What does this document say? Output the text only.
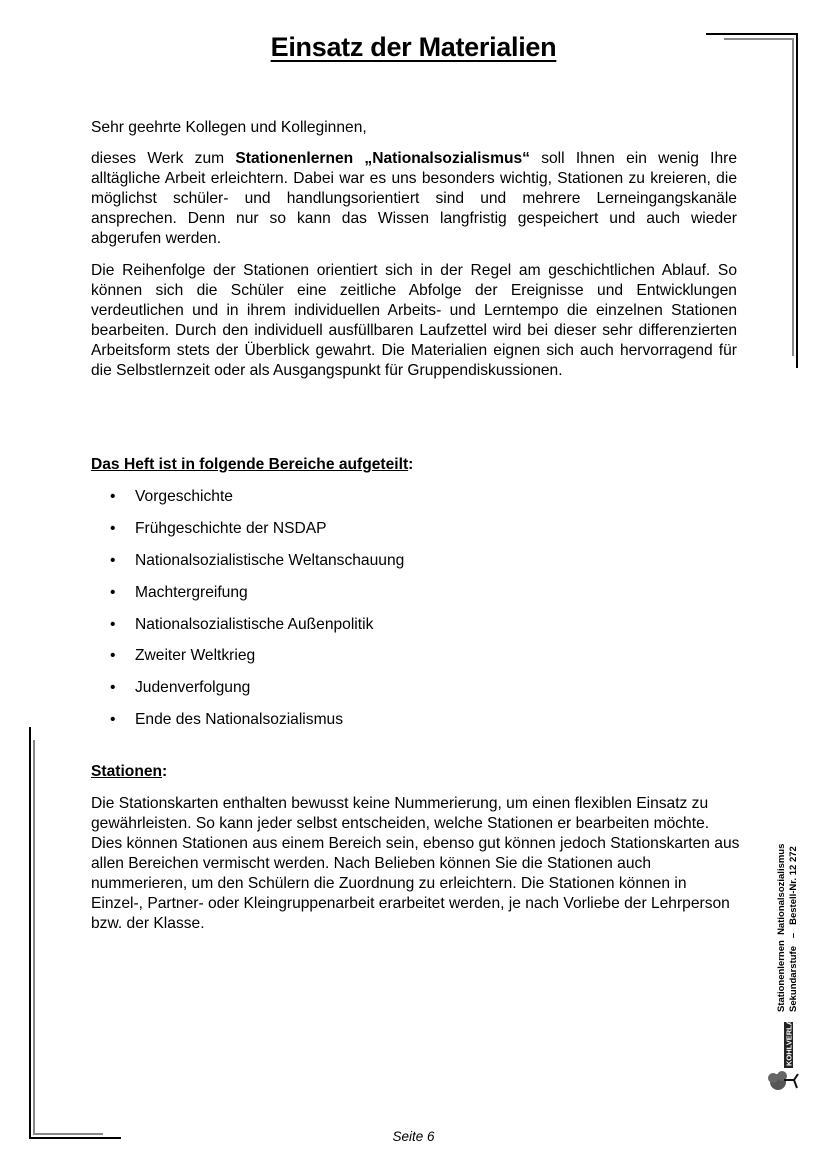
Einsatz der Materialien

Sehr geehrte Kollegen und Kolleginnen,

dieses Werk zum Stationenlernen „Nationalsozialismus“ soll Ihnen ein wenig Ihre alltägliche Arbeit erleichtern. Dabei war es uns besonders wichtig, Stationen zu kreieren, die möglichst schüler- und handlungsorientiert sind und mehrere Lerneingangskanäle ansprechen. Denn nur so kann das Wissen langfristig gespeichert und auch wieder abgerufen werden.

Die Reihenfolge der Stationen orientiert sich in der Regel am geschichtlichen Ablauf. So können sich die Schüler eine zeitliche Abfolge der Ereignisse und Entwicklungen verdeutlichen und in ihrem individuellen Arbeits- und Lerntempo die einzelnen Stationen bearbeiten. Durch den individuell ausfüllbaren Laufzettel wird bei dieser sehr differenzierten Arbeitsform stets der Überblick gewahrt. Die Materialien eignen sich auch hervorragend für die Selbstlernzeit oder als Ausgangspunkt für Gruppendiskussionen.

Das Heft ist in folgende Bereiche aufgeteilt:
• Vorgeschichte
• Frühgeschichte der NSDAP
• Nationalsozialistische Weltanschauung
• Machtergreifung
• Nationalsozialistische Außenpolitik
• Zweiter Weltkrieg
• Judenverfolgung
• Ende des Nationalsozialismus
Stationen:

Die Stationskarten enthalten bewusst keine Nummerierung, um einen flexiblen Einsatz zu gewährleisten. So kann jeder selbst entscheiden, welche Stationen er bearbeiten möchte. Dies können Stationen aus einem Bereich sein, ebenso gut können jedoch Stationskarten aus allen Bereichen vermischt werden. Nach Belieben können Sie die Stationen auch nummerieren, um den Schülern die Zuordnung zu erleichtern. Die Stationen können in Einzel-, Partner- oder Kleingruppenarbeit erarbeitet werden, je nach Vorliebe der Lehrperson bzw. der Klasse.	Stationenlernen  Nationalsozialismus Sekundarstufe   –   Bestell-Nr. 12 272
KOHLVERLAG
Seite 6
